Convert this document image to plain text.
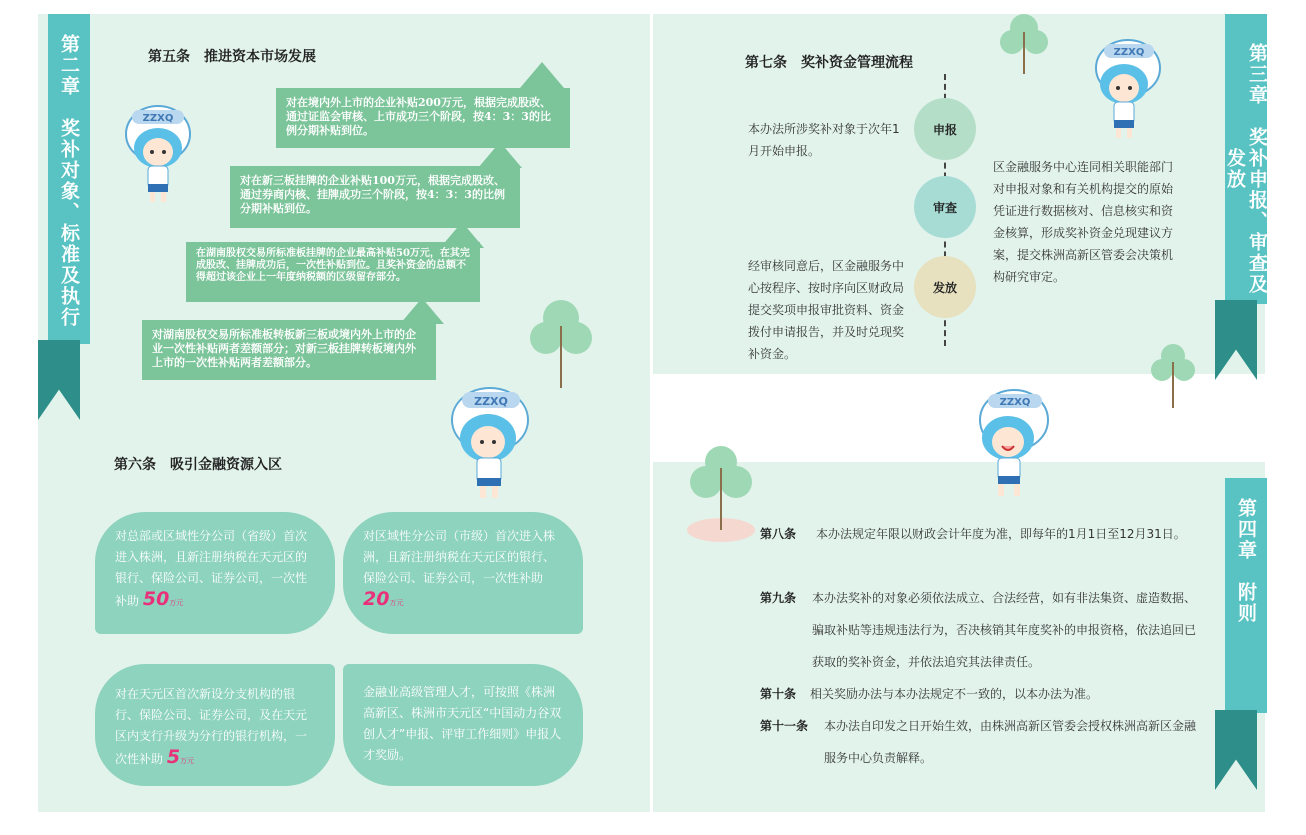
第二章　奖补对象、标准及执行	第三章　奖补申报、审查及发放
第四章　附则
第五条　推进资本市场发展
对在境内外上市的企业补贴200万元，根据完成股改、通过证监会审核、上市成功三个阶段，按4：3：3的比例分期补贴到位。
对在新三板挂牌的企业补贴100万元，根据完成股改、通过券商内核、挂牌成功三个阶段，按4：3：3的比例分期补贴到位。
在湖南股权交易所标准板挂牌的企业最高补贴50万元，在其完成股改、挂牌成功后，一次性补贴到位。且奖补资金的总额不得超过该企业上一年度纳税额的区级留存部分。
对湖南股权交易所标准板转板新三板或境内外上市的企业一次性补贴两者差额部分；对新三板挂牌转板境内外上市的一次性补贴两者差额部分。
第六条　吸引金融资源入区
对总部或区域性分公司（省级）首次进入株洲，且新注册纳税在天元区的银行、保险公司、证券公司，一次性补助 50万元
对区域性分公司（市级）首次进入株洲，且新注册纳税在天元区的银行、保险公司、证券公司，一次性补助 20万元
对在天元区首次新设分支机构的银行、保险公司、证券公司，及在天元区内支行升级为分行的银行机构，一次性补助 5万元
金融业高级管理人才，可按照《株洲高新区、株洲市天元区“中国动力谷双创人才”申报、评审工作细则》申报人才奖励。
第七条　奖补资金管理流程
申报
审查
发放
本办法所涉奖补对象于次年1月开始申报。
区金融服务中心连同相关职能部门对申报对象和有关机构提交的原始凭证进行数据核对、信息核实和资金核算，形成奖补资金兑现建议方案，提交株洲高新区管委会决策机构研究审定。
经审核同意后，区金融服务中心按程序、按时序向区财政局提交奖项申报审批资料、资金拨付申请报告，并及时兑现奖补资金。
第八条	本办法规定年限以财政会计年度为准，即每年的1月1日至12月31日。
第九条	本办法奖补的对象必须依法成立、合法经营，如有非法集资、虚造数据、骗取补贴等违规违法行为，否决核销其年度奖补的申报资格，依法追回已获取的奖补资金，并依法追究其法律责任。
第十条	相关奖励办法与本办法规定不一致的，以本办法为准。
第十一条	本办法自印发之日开始生效，由株洲高新区管委会授权株洲高新区金融服务中心负责解释。
ZZXQ
ZZXQ
ZZXQ
ZZXQ
